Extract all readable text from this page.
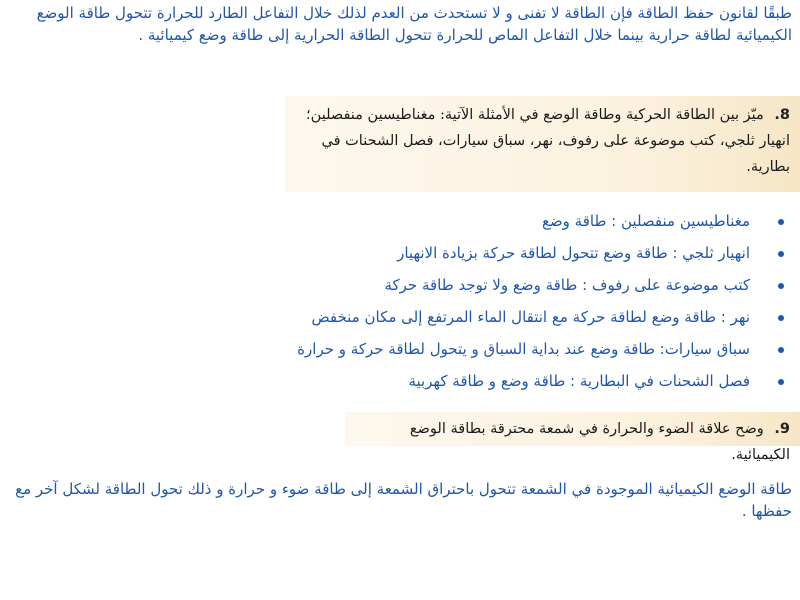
طبقًا لقانون حفظ الطاقة فإن الطاقة لا تفنى و لا تستحدث من العدم لذلك خلال التفاعل الطارد للحرارة تتحول طاقة الوضع الكيميائية لطاقة حرارية بينما خلال التفاعل الماص للحرارة تتحول الطاقة الحرارية إلى طاقة وضع كيميائية .

8. ميّز بين الطاقة الحركية وطاقة الوضع في الأمثلة الآتية: مغناطيسين منفصلين؛ انهيار ثلجي، كتب موضوعة على رفوف، نهر، سباق سيارات، فصل الشحنات في بطارية.
مغناطيسين منفصلين : طاقة وضع
انهيار ثلجي : طاقة وضع تتحول لطاقة حركة بزيادة الانهيار
كتب موضوعة على رفوف : طاقة وضع ولا توجد طاقة حركة
نهر : طاقة وضع لطاقة حركة مع انتقال الماء المرتفع إلى مكان منخفض
سباق سيارات: طاقة وضع عند بداية السباق و يتحول لطاقة حركة و حرارة
فصل الشحنات في البطارية : طاقة وضع و طاقة كهربية
9. وضح علاقة الضوء والحرارة في شمعة محترقة بطاقة الوضع الكيميائية.

طاقة الوضع الكيميائية الموجودة في الشمعة تتحول باحتراق الشمعة إلى طاقة ضوء و حرارة و ذلك تحول الطاقة لشكل آخر مع حفظها .
